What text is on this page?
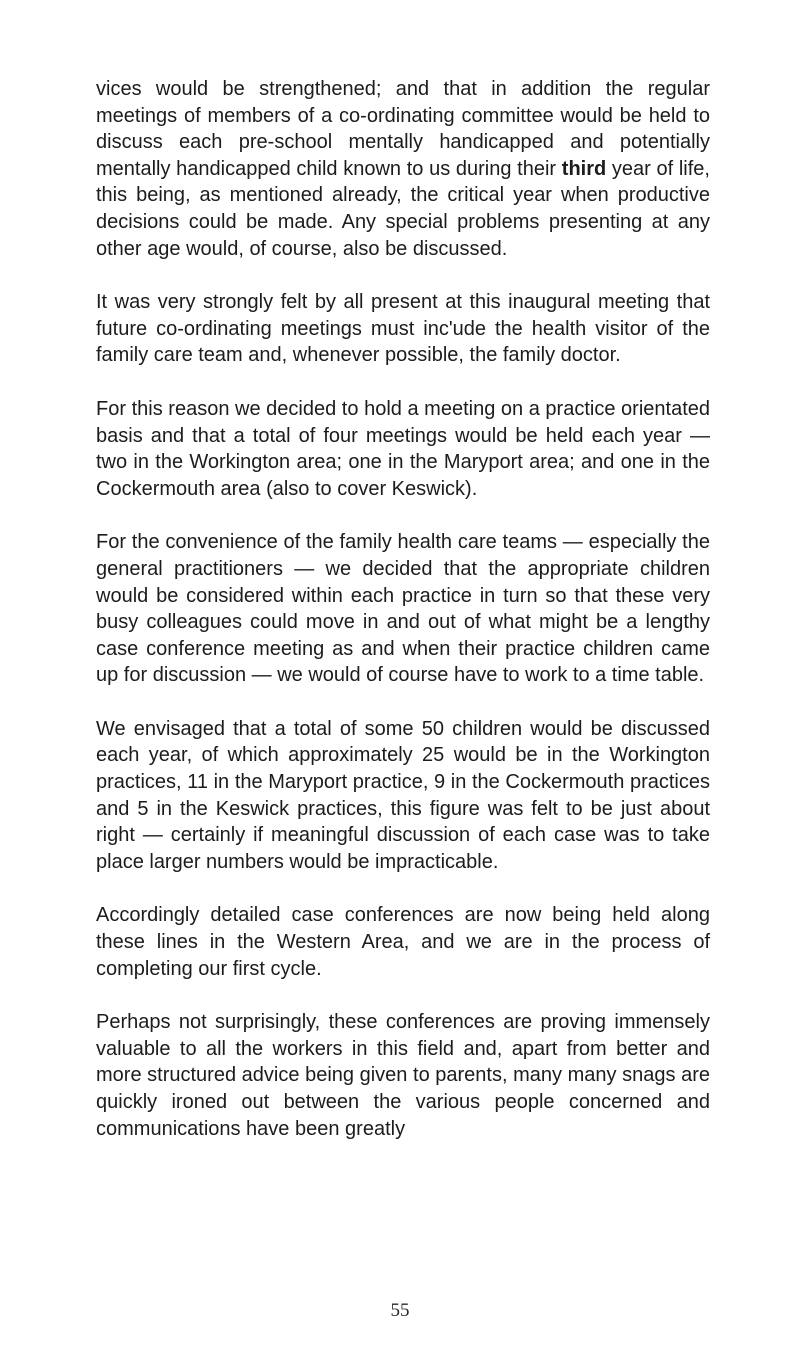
vices would be strengthened; and that in addition the regular meetings of members of a co-ordinating committee would be held to discuss each pre-school mentally handicapped and potentially mentally handicapped child known to us during their third year of life, this being, as mentioned already, the critical year when productive decisions could be made. Any special problems presenting at any other age would, of course, also be discussed.

It was very strongly felt by all present at this inaugural meeting that future co-ordinating meetings must inc'ude the health visitor of the family care team and, whenever possible, the family doctor.

For this reason we decided to hold a meeting on a practice orientated basis and that a total of four meetings would be held each year — two in the Workington area; one in the Maryport area; and one in the Cockermouth area (also to cover Keswick).

For the convenience of the family health care teams — especially the general practitioners — we decided that the appropriate children would be considered within each practice in turn so that these very busy colleagues could move in and out of what might be a lengthy case conference meeting as and when their practice children came up for discussion — we would of course have to work to a time table.

We envisaged that a total of some 50 children would be discussed each year, of which approximately 25 would be in the Workington practices, 11 in the Maryport practice, 9 in the Cockermouth practices and 5 in the Keswick practices, this figure was felt to be just about right — certainly if meaningful discussion of each case was to take place larger numbers would be impracticable.

Accordingly detailed case conferences are now being held along these lines in the Western Area, and we are in the process of completing our first cycle.

Perhaps not surprisingly, these conferences are proving immensely valuable to all the workers in this field and, apart from better and more structured advice being given to parents, many many snags are quickly ironed out between the various people concerned and communications have been greatly

55
